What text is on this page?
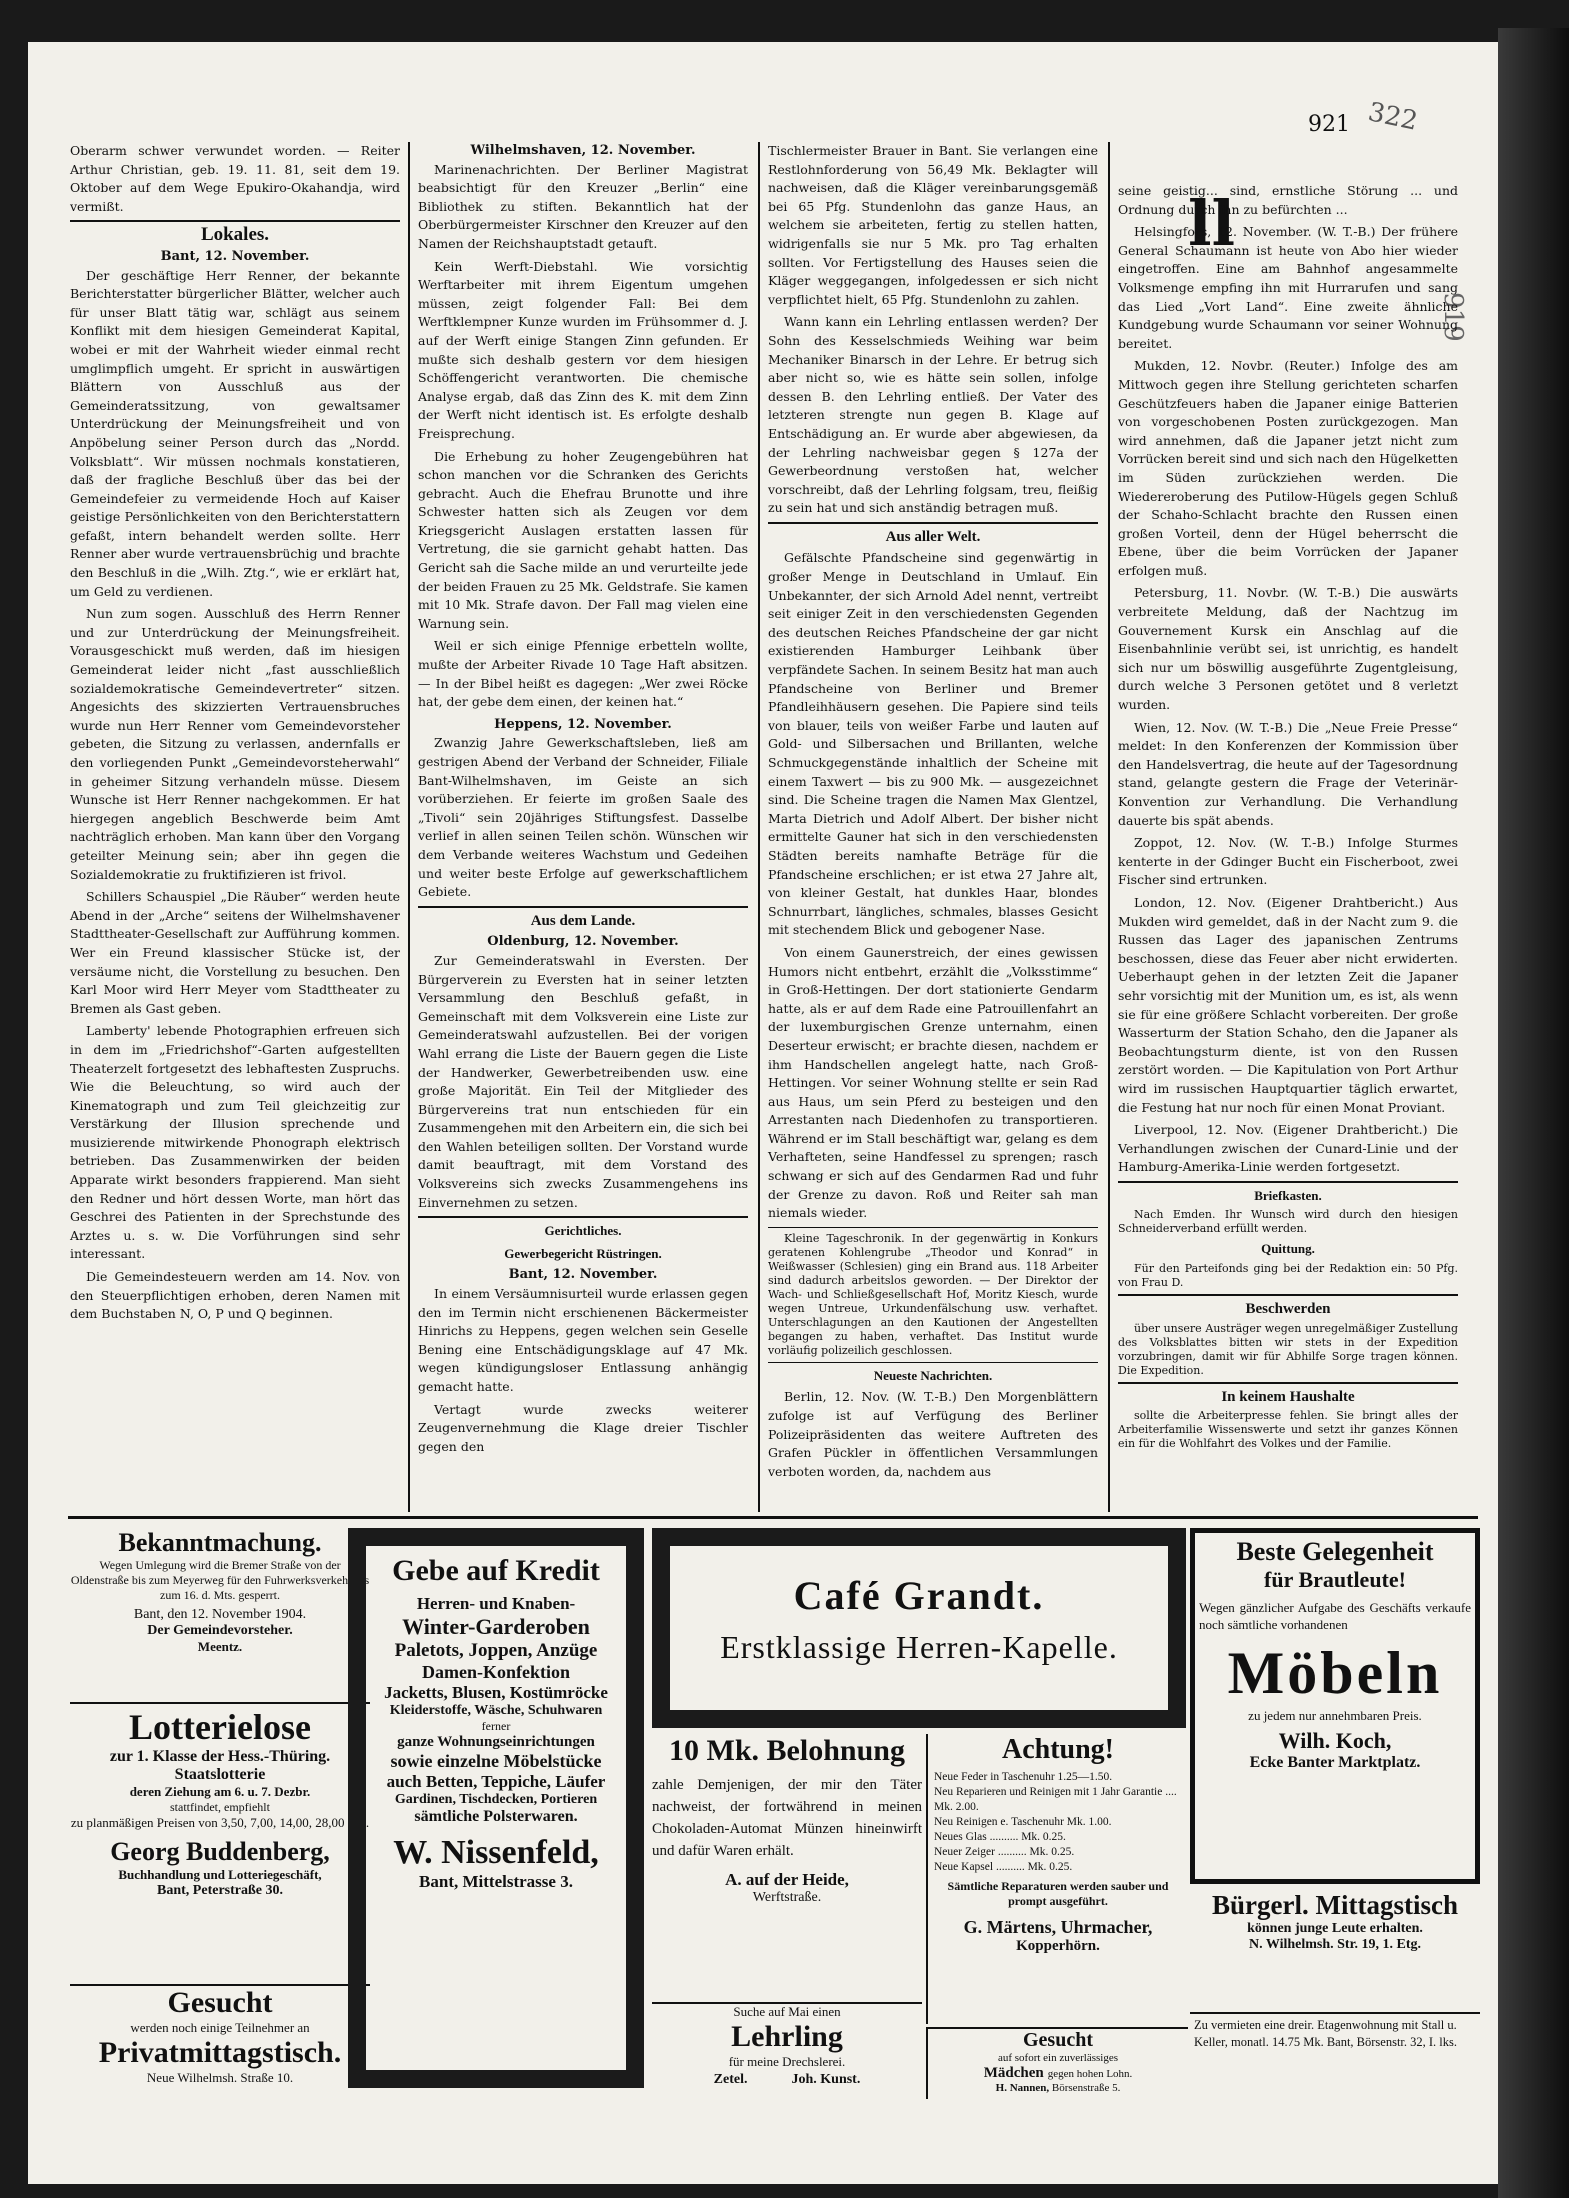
921 322
919
ll

Oberarm schwer verwundet worden. — Reiter Arthur Christian, geb. 19. 11. 81, seit dem 19. Oktober auf dem Wege Epukiro-Okahandja, wird vermißt.

Lokales.
Bant, 12. November.

Der geschäftige Herr Renner, der bekannte Berichterstatter bürgerlicher Blätter, welcher auch für unser Blatt tätig war, schlägt aus seinem Konflikt mit dem hiesigen Gemeinderat Kapital, wobei er mit der Wahrheit wieder einmal recht umglimpflich umgeht. Er spricht in auswärtigen Blättern von Ausschluß aus der Gemeinderatssitzung, von gewaltsamer Unterdrückung der Meinungsfreiheit und von Anpöbelung seiner Person durch das „Nordd. Volksblatt“. Wir müssen nochmals konstatieren, daß der fragliche Beschluß über das bei der Gemeindefeier zu vermeidende Hoch auf Kaiser geistige Persönlichkeiten von den Berichterstattern gefaßt, intern behandelt werden sollte. Herr Renner aber wurde vertrauensbrüchig und brachte den Beschluß in die „Wilh. Ztg.“, wie er erklärt hat, um Geld zu verdienen.

Nun zum sogen. Ausschluß des Herrn Renner und zur Unterdrückung der Meinungsfreiheit. Vorausgeschickt muß werden, daß im hiesigen Gemeinderat leider nicht „fast ausschließlich sozialdemokratische Gemeindevertreter“ sitzen. Angesichts des skizzierten Vertrauensbruches wurde nun Herr Renner vom Gemeindevorsteher gebeten, die Sitzung zu verlassen, andernfalls er den vorliegenden Punkt „Gemeindevorsteherwahl“ in geheimer Sitzung verhandeln müsse. Diesem Wunsche ist Herr Renner nachgekommen. Er hat hiergegen angeblich Beschwerde beim Amt nachträglich erhoben. Man kann über den Vorgang geteilter Meinung sein; aber ihn gegen die Sozialdemokratie zu fruktifizieren ist frivol.

Schillers Schauspiel „Die Räuber“ werden heute Abend in der „Arche“ seitens der Wilhelmshavener Stadttheater-Gesellschaft zur Aufführung kommen. Wer ein Freund klassischer Stücke ist, der versäume nicht, die Vorstellung zu besuchen. Den Karl Moor wird Herr Meyer vom Stadttheater zu Bremen als Gast geben.

Lamberty' lebende Photographien erfreuen sich in dem im „Friedrichshof“-Garten aufgestellten Theaterzelt fortgesetzt des lebhaftesten Zuspruchs. Wie die Beleuchtung, so wird auch der Kinematograph und zum Teil gleichzeitig zur Verstärkung der Illusion sprechende und musizierende mitwirkende Phonograph elektrisch betrieben. Das Zusammenwirken der beiden Apparate wirkt besonders frappierend. Man sieht den Redner und hört dessen Worte, man hört das Geschrei des Patienten in der Sprechstunde des Arztes u. s. w. Die Vorführungen sind sehr interessant.

Die Gemeindesteuern werden am 14. Nov. von den Steuerpflichtigen erhoben, deren Namen mit dem Buchstaben N, O, P und Q beginnen.

Wilhelmshaven, 12. November.

Marinenachrichten. Der Berliner Magistrat beabsichtigt für den Kreuzer „Berlin“ eine Bibliothek zu stiften. Bekanntlich hat der Oberbürgermeister Kirschner den Kreuzer auf den Namen der Reichshauptstadt getauft.

Kein Werft-Diebstahl. Wie vorsichtig Werftarbeiter mit ihrem Eigentum umgehen müssen, zeigt folgender Fall: Bei dem Werftklempner Kunze wurden im Frühsommer d. J. auf der Werft einige Stangen Zinn gefunden. Er mußte sich deshalb gestern vor dem hiesigen Schöffengericht verantworten. Die chemische Analyse ergab, daß das Zinn des K. mit dem Zinn der Werft nicht identisch ist. Es erfolgte deshalb Freisprechung.

Die Erhebung zu hoher Zeugengebühren hat schon manchen vor die Schranken des Gerichts gebracht. Auch die Ehefrau Brunotte und ihre Schwester hatten sich als Zeugen vor dem Kriegsgericht Auslagen erstatten lassen für Vertretung, die sie garnicht gehabt hatten. Das Gericht sah die Sache milde an und verurteilte jede der beiden Frauen zu 25 Mk. Geldstrafe. Sie kamen mit 10 Mk. Strafe davon. Der Fall mag vielen eine Warnung sein.

Weil er sich einige Pfennige erbetteln wollte, mußte der Arbeiter Rivade 10 Tage Haft absitzen. — In der Bibel heißt es dagegen: „Wer zwei Röcke hat, der gebe dem einen, der keinen hat.“

Heppens, 12. November.

Zwanzig Jahre Gewerkschaftsleben, ließ am gestrigen Abend der Verband der Schneider, Filiale Bant-Wilhelmshaven, im Geiste an sich vorüberziehen. Er feierte im großen Saale des „Tivoli“ sein 20jähriges Stiftungsfest. Dasselbe verlief in allen seinen Teilen schön. Wünschen wir dem Verbande weiteres Wachstum und Gedeihen und weiter beste Erfolge auf gewerkschaftlichem Gebiete.

Aus dem Lande.
Oldenburg, 12. November.

Zur Gemeinderatswahl in Eversten. Der Bürgerverein zu Eversten hat in seiner letzten Versammlung den Beschluß gefaßt, in Gemeinschaft mit dem Volksverein eine Liste zur Gemeinderatswahl aufzustellen. Bei der vorigen Wahl errang die Liste der Bauern gegen die Liste der Handwerker, Gewerbetreibenden usw. eine große Majorität. Ein Teil der Mitglieder des Bürgervereins trat nun entschieden für ein Zusammengehen mit den Arbeitern ein, die sich bei den Wahlen beteiligen sollten. Der Vorstand wurde damit beauftragt, mit dem Vorstand des Volksvereins sich zwecks Zusammengehens ins Einvernehmen zu setzen.

Gerichtliches.
Gewerbegericht Rüstringen.
Bant, 12. November.

In einem Versäumnisurteil wurde erlassen gegen den im Termin nicht erschienenen Bäckermeister Hinrichs zu Heppens, gegen welchen sein Geselle Bening eine Entschädigungsklage auf 47 Mk. wegen kündigungsloser Entlassung anhängig gemacht hatte.

Vertagt wurde zwecks weiterer Zeugenvernehmung die Klage dreier Tischler gegen den

Tischlermeister Brauer in Bant. Sie verlangen eine Restlohnforderung von 56,49 Mk. Beklagter will nachweisen, daß die Kläger vereinbarungsgemäß bei 65 Pfg. Stundenlohn das ganze Haus, an welchem sie arbeiteten, fertig zu stellen hatten, widrigenfalls sie nur 5 Mk. pro Tag erhalten sollten. Vor Fertigstellung des Hauses seien die Kläger weggegangen, infolgedessen er sich nicht verpflichtet hielt, 65 Pfg. Stundenlohn zu zahlen.

Wann kann ein Lehrling entlassen werden? Der Sohn des Kesselschmieds Weihing war beim Mechaniker Binarsch in der Lehre. Er betrug sich aber nicht so, wie es hätte sein sollen, infolge dessen B. den Lehrling entließ. Der Vater des letzteren strengte nun gegen B. Klage auf Entschädigung an. Er wurde aber abgewiesen, da der Lehrling nachweisbar gegen § 127a der Gewerbeordnung verstoßen hat, welcher vorschreibt, daß der Lehrling folgsam, treu, fleißig zu sein hat und sich anständig betragen muß.

Aus aller Welt.

Gefälschte Pfandscheine sind gegenwärtig in großer Menge in Deutschland in Umlauf. Ein Unbekannter, der sich Arnold Adel nennt, vertreibt seit einiger Zeit in den verschiedensten Gegenden des deutschen Reiches Pfandscheine der gar nicht existierenden Hamburger Leihbank über verpfändete Sachen. In seinem Besitz hat man auch Pfandscheine von Berliner und Bremer Pfandleihhäusern gesehen. Die Papiere sind teils von blauer, teils von weißer Farbe und lauten auf Gold- und Silbersachen und Brillanten, welche Schmuckgegenstände inhaltlich der Scheine mit einem Taxwert — bis zu 900 Mk. — ausgezeichnet sind. Die Scheine tragen die Namen Max Glentzel, Marta Dietrich und Adolf Albert. Der bisher nicht ermittelte Gauner hat sich in den verschiedensten Städten bereits namhafte Beträge für die Pfandscheine erschlichen; er ist etwa 27 Jahre alt, von kleiner Gestalt, hat dunkles Haar, blondes Schnurrbart, längliches, schmales, blasses Gesicht mit stechendem Blick und gebogener Nase.

Von einem Gaunerstreich, der eines gewissen Humors nicht entbehrt, erzählt die „Volksstimme“ in Groß-Hettingen. Der dort stationierte Gendarm hatte, als er auf dem Rade eine Patrouillenfahrt an der luxemburgischen Grenze unternahm, einen Deserteur erwischt; er brachte diesen, nachdem er ihm Handschellen angelegt hatte, nach Groß-Hettingen. Vor seiner Wohnung stellte er sein Rad aus Haus, um sein Pferd zu besteigen und den Arrestanten nach Diedenhofen zu transportieren. Während er im Stall beschäftigt war, gelang es dem Verhafteten, seine Handfessel zu sprengen; rasch schwang er sich auf des Gendarmen Rad und fuhr der Grenze zu davon. Roß und Reiter sah man niemals wieder.

Kleine Tageschronik. In der gegenwärtig in Konkurs geratenen Kohlengrube „Theodor und Konrad“ in Weißwasser (Schlesien) ging ein Brand aus. 118 Arbeiter sind dadurch arbeitslos geworden. — Der Direktor der Wach- und Schließgesellschaft Hof, Moritz Kiesch, wurde wegen Untreue, Urkundenfälschung usw. verhaftet. Unterschlagungen an den Kautionen der Angestellten begangen zu haben, verhaftet. Das Institut wurde vorläufig polizeilich geschlossen.

Neueste Nachrichten.

Berlin, 12. Nov. (W. T.-B.) Den Morgenblättern zufolge ist auf Verfügung des Berliner Polizeipräsidenten das weitere Auftreten des Grafen Pückler in öffentlichen Versammlungen verboten worden, da, nachdem aus

seine geistig... sind, ernstliche Störung ... und Ordnung durch ihn zu befürchten ...

Helsingfors, 12. November. (W. T.-B.) Der frühere General Schaumann ist heute von Abo hier wieder eingetroffen. Eine am Bahnhof angesammelte Volksmenge empfing ihn mit Hurrarufen und sang das Lied „Vort Land“. Eine zweite ähnliche Kundgebung wurde Schaumann vor seiner Wohnung bereitet.

Mukden, 12. Novbr. (Reuter.) Infolge des am Mittwoch gegen ihre Stellung gerichteten scharfen Geschützfeuers haben die Japaner einige Batterien von vorgeschobenen Posten zurückgezogen. Man wird annehmen, daß die Japaner jetzt nicht zum Vorrücken bereit sind und sich nach den Hügelketten im Süden zurückziehen werden. Die Wiedereroberung des Putilow-Hügels gegen Schluß der Schaho-Schlacht brachte den Russen einen großen Vorteil, denn der Hügel beherrscht die Ebene, über die beim Vorrücken der Japaner erfolgen muß.

Petersburg, 11. Novbr. (W. T.-B.) Die auswärts verbreitete Meldung, daß der Nachtzug im Gouvernement Kursk ein Anschlag auf die Eisenbahnlinie verübt sei, ist unrichtig, es handelt sich nur um böswillig ausgeführte Zugentgleisung, durch welche 3 Personen getötet und 8 verletzt wurden.

Wien, 12. Nov. (W. T.-B.) Die „Neue Freie Presse“ meldet: In den Konferenzen der Kommission über den Handelsvertrag, die heute auf der Tagesordnung stand, gelangte gestern die Frage der Veterinär-Konvention zur Verhandlung. Die Verhandlung dauerte bis spät abends.

Zoppot, 12. Nov. (W. T.-B.) Infolge Sturmes kenterte in der Gdinger Bucht ein Fischerboot, zwei Fischer sind ertrunken.

London, 12. Nov. (Eigener Drahtbericht.) Aus Mukden wird gemeldet, daß in der Nacht zum 9. die Russen das Lager des japanischen Zentrums beschossen, diese das Feuer aber nicht erwiderten. Ueberhaupt gehen in der letzten Zeit die Japaner sehr vorsichtig mit der Munition um, es ist, als wenn sie für eine größere Schlacht vorbereiten. Der große Wasserturm der Station Schaho, den die Japaner als Beobachtungsturm diente, ist von den Russen zerstört worden. — Die Kapitulation von Port Arthur wird im russischen Hauptquartier täglich erwartet, die Festung hat nur noch für einen Monat Proviant.

Liverpool, 12. Nov. (Eigener Drahtbericht.) Die Verhandlungen zwischen der Cunard-Linie und der Hamburg-Amerika-Linie werden fortgesetzt.

Briefkasten.

Nach Emden. Ihr Wunsch wird durch den hiesigen Schneiderverband erfüllt werden.

Quittung.

Für den Parteifonds ging bei der Redaktion ein: 50 Pfg. von Frau D.

Beschwerden

über unsere Austräger wegen unregelmäßiger Zustellung des Volksblattes bitten wir stets in der Expedition vorzubringen, damit wir für Abhilfe Sorge tragen können. Die Expedition.

In keinem Haushalte

sollte die Arbeiterpresse fehlen. Sie bringt alles der Arbeiterfamilie Wissenswerte und setzt ihr ganzes Können ein für die Wohlfahrt des Volkes und der Familie.

Bekanntmachung.
Wegen Umlegung wird die Bremer Straße von der Oldenstraße bis zum Meyerweg für den Fuhrwerksverkehr bis zum 16. d. Mts. gesperrt.
Bant, den 12. November 1904.
Der Gemeindevorsteher.
Meentz.
Lotterielose
zur 1. Klasse der Hess.-Thüring.
Staatslotterie
deren Ziehung am 6. u. 7. Dezbr.
stattfindet, empfiehlt
zu planmäßigen Preisen von 3,50, 7,00, 14,00, 28,00 Mk.
Georg Buddenberg,
Buchhandlung und Lotteriegeschäft,
Bant, Peterstraße 30.
Gesucht
werden noch einige Teilnehmer an
Privatmittagstisch.
Neue Wilhelmsh. Straße 10.
Gebe auf Kredit
Herren- und Knaben-
Winter-Garderoben
Paletots, Joppen, Anzüge
Damen-Konfektion
Jacketts, Blusen, Kostümröcke
Kleiderstoffe, Wäsche, Schuhwaren
ferner
ganze Wohnungseinrichtungen
sowie einzelne Möbelstücke
auch Betten, Teppiche, Läufer
Gardinen, Tischdecken, Portieren
sämtliche Polsterwaren.
W. Nissenfeld,
Bant, Mittelstrasse 3.
Café Grandt.
Erstklassige Herren-Kapelle.
10 Mk. Belohnung
zahle Demjenigen, der mir den Täter nachweist, der fortwährend in meinen Chokoladen-Automat Münzen hineinwirft und dafür Waren erhält.
A. auf der Heide,
Werftstraße.
Achtung!
Neue Feder in Taschenuhr 1.25—1.50.
Neu Reparieren und Reinigen mit 1 Jahr Garantie .... Mk. 2.00.
Neu Reinigen e. Taschenuhr Mk. 1.00.
Neues Glas .......... Mk. 0.25.
Neuer Zeiger .......... Mk. 0.25.
Neue Kapsel .......... Mk. 0.25.
Sämtliche Reparaturen werden sauber und prompt ausgeführt.
G. Märtens, Uhrmacher,
Kopperhörn.
Suche auf Mai einen
Lehrling
für meine Drechslerei.
Zetel.	Joh. Kunst.
Gesucht
auf sofort ein zuverlässiges
Mädchen gegen hohen Lohn.
H. Nannen, Börsenstraße 5.
Beste Gelegenheit
für Brautleute!
Wegen gänzlicher Aufgabe des Geschäfts verkaufe noch sämtliche vorhandenen
Möbeln
zu jedem nur annehmbaren Preis.
Wilh. Koch,
Ecke Banter Marktplatz.
Bürgerl. Mittagstisch
können junge Leute erhalten.
N. Wilhelmsh. Str. 19, 1. Etg.
Zu vermieten eine dreir. Etagenwohnung mit Stall u. Keller, monatl. 14.75 Mk. Bant, Börsenstr. 32, I. lks.
